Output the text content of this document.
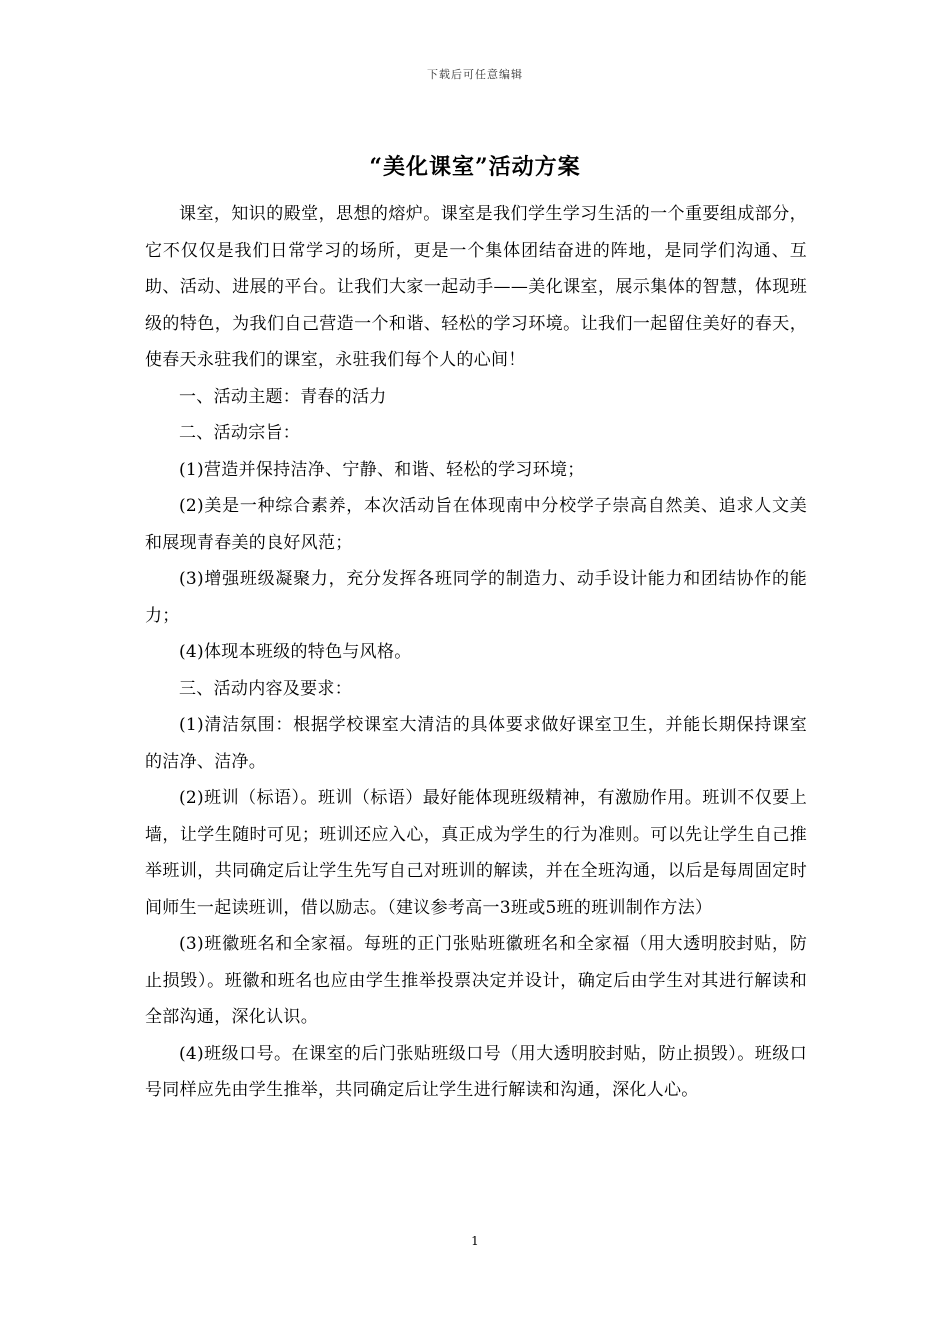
下载后可任意编辑
“美化课室”活动方案

课室，知识的殿堂，思想的熔炉。课室是我们学生学习生活的一个重要组成部分，它不仅仅是我们日常学习的场所，更是一个集体团结奋进的阵地，是同学们沟通、互助、活动、进展的平台。让我们大家一起动手——美化课室，展示集体的智慧，体现班级的特色，为我们自己营造一个和谐、轻松的学习环境。让我们一起留住美好的春天，使春天永驻我们的课室，永驻我们每个人的心间！

一、活动主题：青春的活力

二、活动宗旨：

(1)营造并保持洁净、宁静、和谐、轻松的学习环境；

(2)美是一种综合素养，本次活动旨在体现南中分校学子崇高自然美、追求人文美和展现青春美的良好风范；

(3)增强班级凝聚力，充分发挥各班同学的制造力、动手设计能力和团结协作的能力；

(4)体现本班级的特色与风格。

三、活动内容及要求：

(1)清洁氛围：根据学校课室大清洁的具体要求做好课室卫生，并能长期保持课室的洁净、洁净。

(2)班训（标语）。班训（标语）最好能体现班级精神，有激励作用。班训不仅要上墙，让学生随时可见；班训还应入心，真正成为学生的行为准则。可以先让学生自己推举班训，共同确定后让学生先写自己对班训的解读，并在全班沟通，以后是每周固定时间师生一起读班训，借以励志。（建议参考高一3班或5班的班训制作方法）

(3)班徽班名和全家福。每班的正门张贴班徽班名和全家福（用大透明胶封贴，防止损毁）。班徽和班名也应由学生推举投票决定并设计，确定后由学生对其进行解读和全部沟通，深化认识。

(4)班级口号。在课室的后门张贴班级口号（用大透明胶封贴，防止损毁）。班级口号同样应先由学生推举，共同确定后让学生进行解读和沟通，深化人心。

1
